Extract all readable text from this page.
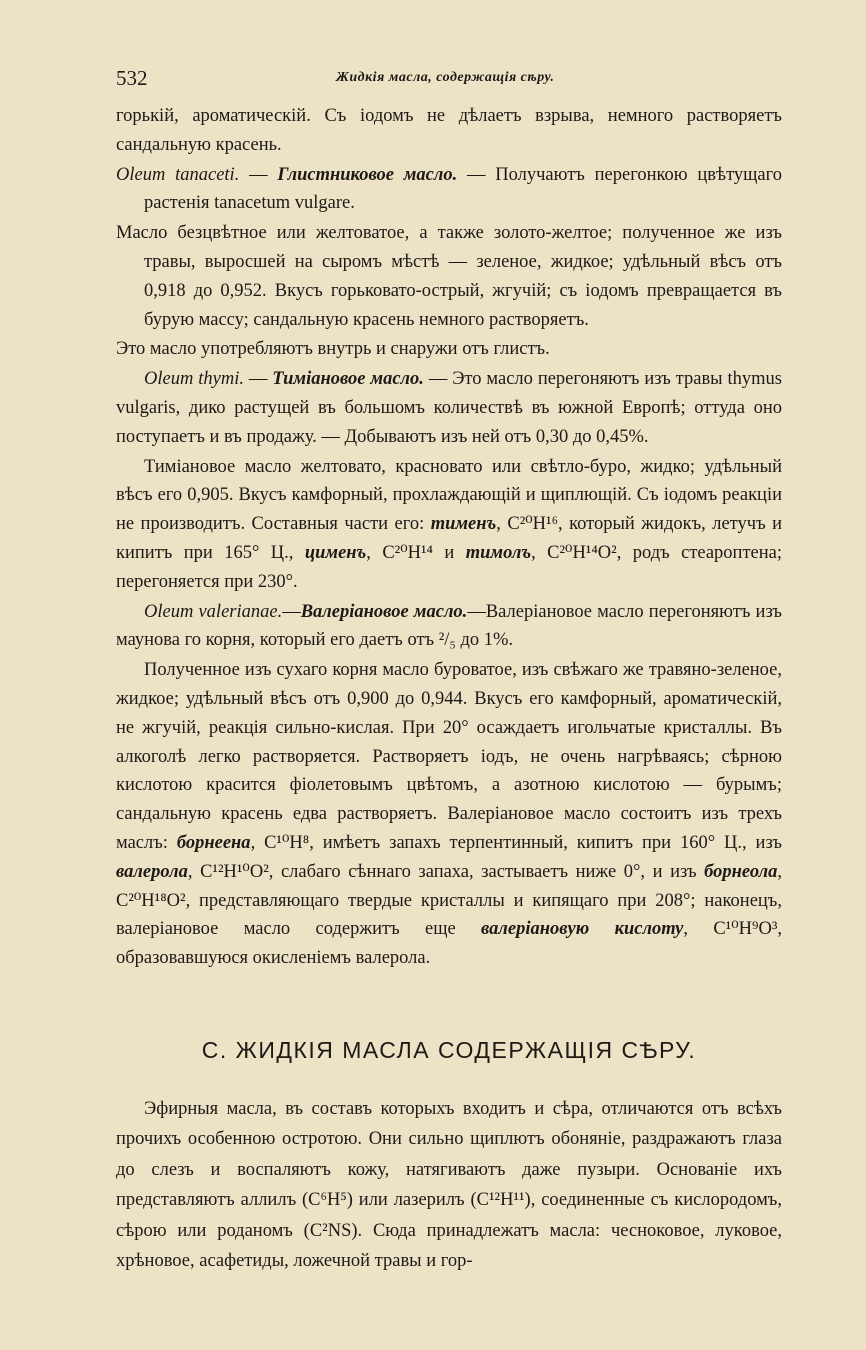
532	Жидкія масла, содержащія сѣру.

горькій, ароматическій. Съ іодомъ не дѣлаетъ взрыва, немного растворяетъ сандальную красень.

Oleum tanaceti. — Глистниковое масло. — Получаютъ перегонкою цвѣтущаго растенія tanacetum vulgare.

Масло безцвѣтное или желтоватое, а также золото-желтое; полученное же изъ травы, выросшей на сыромъ мѣстѣ — зеленое, жидкое; удѣльный вѣсъ отъ 0,918 до 0,952. Вкусъ горьковато-острый, жгучій; съ іодомъ превращается въ бурую массу; сандальную красень немного растворяетъ.

Это масло употребляютъ внутрь и снаружи отъ глистъ.

Oleum thymi. — Тиміановое масло. — Это масло перегоняютъ изъ травы thymus vulgaris, дико растущей въ большомъ количествѣ въ южной Европѣ; оттуда оно поступаетъ и въ продажу. — Добываютъ изъ ней отъ 0,30 до 0,45%.

Тиміановое масло желтовато, красновато или свѣтло-буро, жидко; удѣльный вѣсъ его 0,905. Вкусъ камфорный, прохлаждающій и щиплющій. Съ іодомъ реакціи не производитъ. Составныя части его: тименъ, C²⁰H¹⁶, который жидокъ, летучъ и кипитъ при 165° Ц., цименъ, C²⁰H¹⁴ и тимолъ, C²⁰H¹⁴O², родъ стеароптена; перегоняется при 230°.

Oleum valerianae.—Валеріановое масло.—Валеріановое масло перегоняютъ изъ маунова го корня, который его даетъ отъ ²/₅ до 1%.

Полученное изъ сухаго корня масло буроватое, изъ свѣжаго же травяно-зеленое, жидкое; удѣльный вѣсъ отъ 0,900 до 0,944. Вкусъ его камфорный, ароматическій, не жгучій, реакція сильно-кислая. При 20° осаждаетъ игольчатые кристаллы. Въ алкоголѣ легко растворяется. Растворяетъ іодъ, не очень нагрѣваясь; сѣрною кислотою красится фіолетовымъ цвѣтомъ, а азотною кислотою — бурымъ; сандальную красень едва растворяетъ. Валеріановое масло состоитъ изъ трехъ маслъ: борнеена, C¹⁰H⁸, имѣетъ запахъ терпентинный, кипитъ при 160° Ц., изъ валерола, C¹²H¹⁰O², слабаго сѣннаго запаха, застываетъ ниже 0°, и изъ борнеола, C²⁰H¹⁸O², представляющаго твердые кристаллы и кипящаго при 208°; наконецъ, валеріановое масло содержитъ еще валеріановую кислоту, C¹⁰H⁹O³, образовавшуюся окисленіемъ валерола.

С. ЖИДКІЯ МАСЛА СОДЕРЖАЩІЯ СѢРУ.

Эфирныя масла, въ составъ которыхъ входитъ и сѣра, отличаются отъ всѣхъ прочихъ особенною остротою. Они сильно щиплютъ обоняніе, раздражаютъ глаза до слезъ и воспаляютъ кожу, натягиваютъ даже пузыри. Основаніе ихъ представляютъ аллилъ (C⁶H⁵) или лазерилъ (C¹²H¹¹), соединенные съ кислородомъ, сѣрою или роданомъ (C²NS). Сюда принадлежатъ масла: чесноковое, луковое, хрѣновое, асафетиды, ложечной травы и гор-
